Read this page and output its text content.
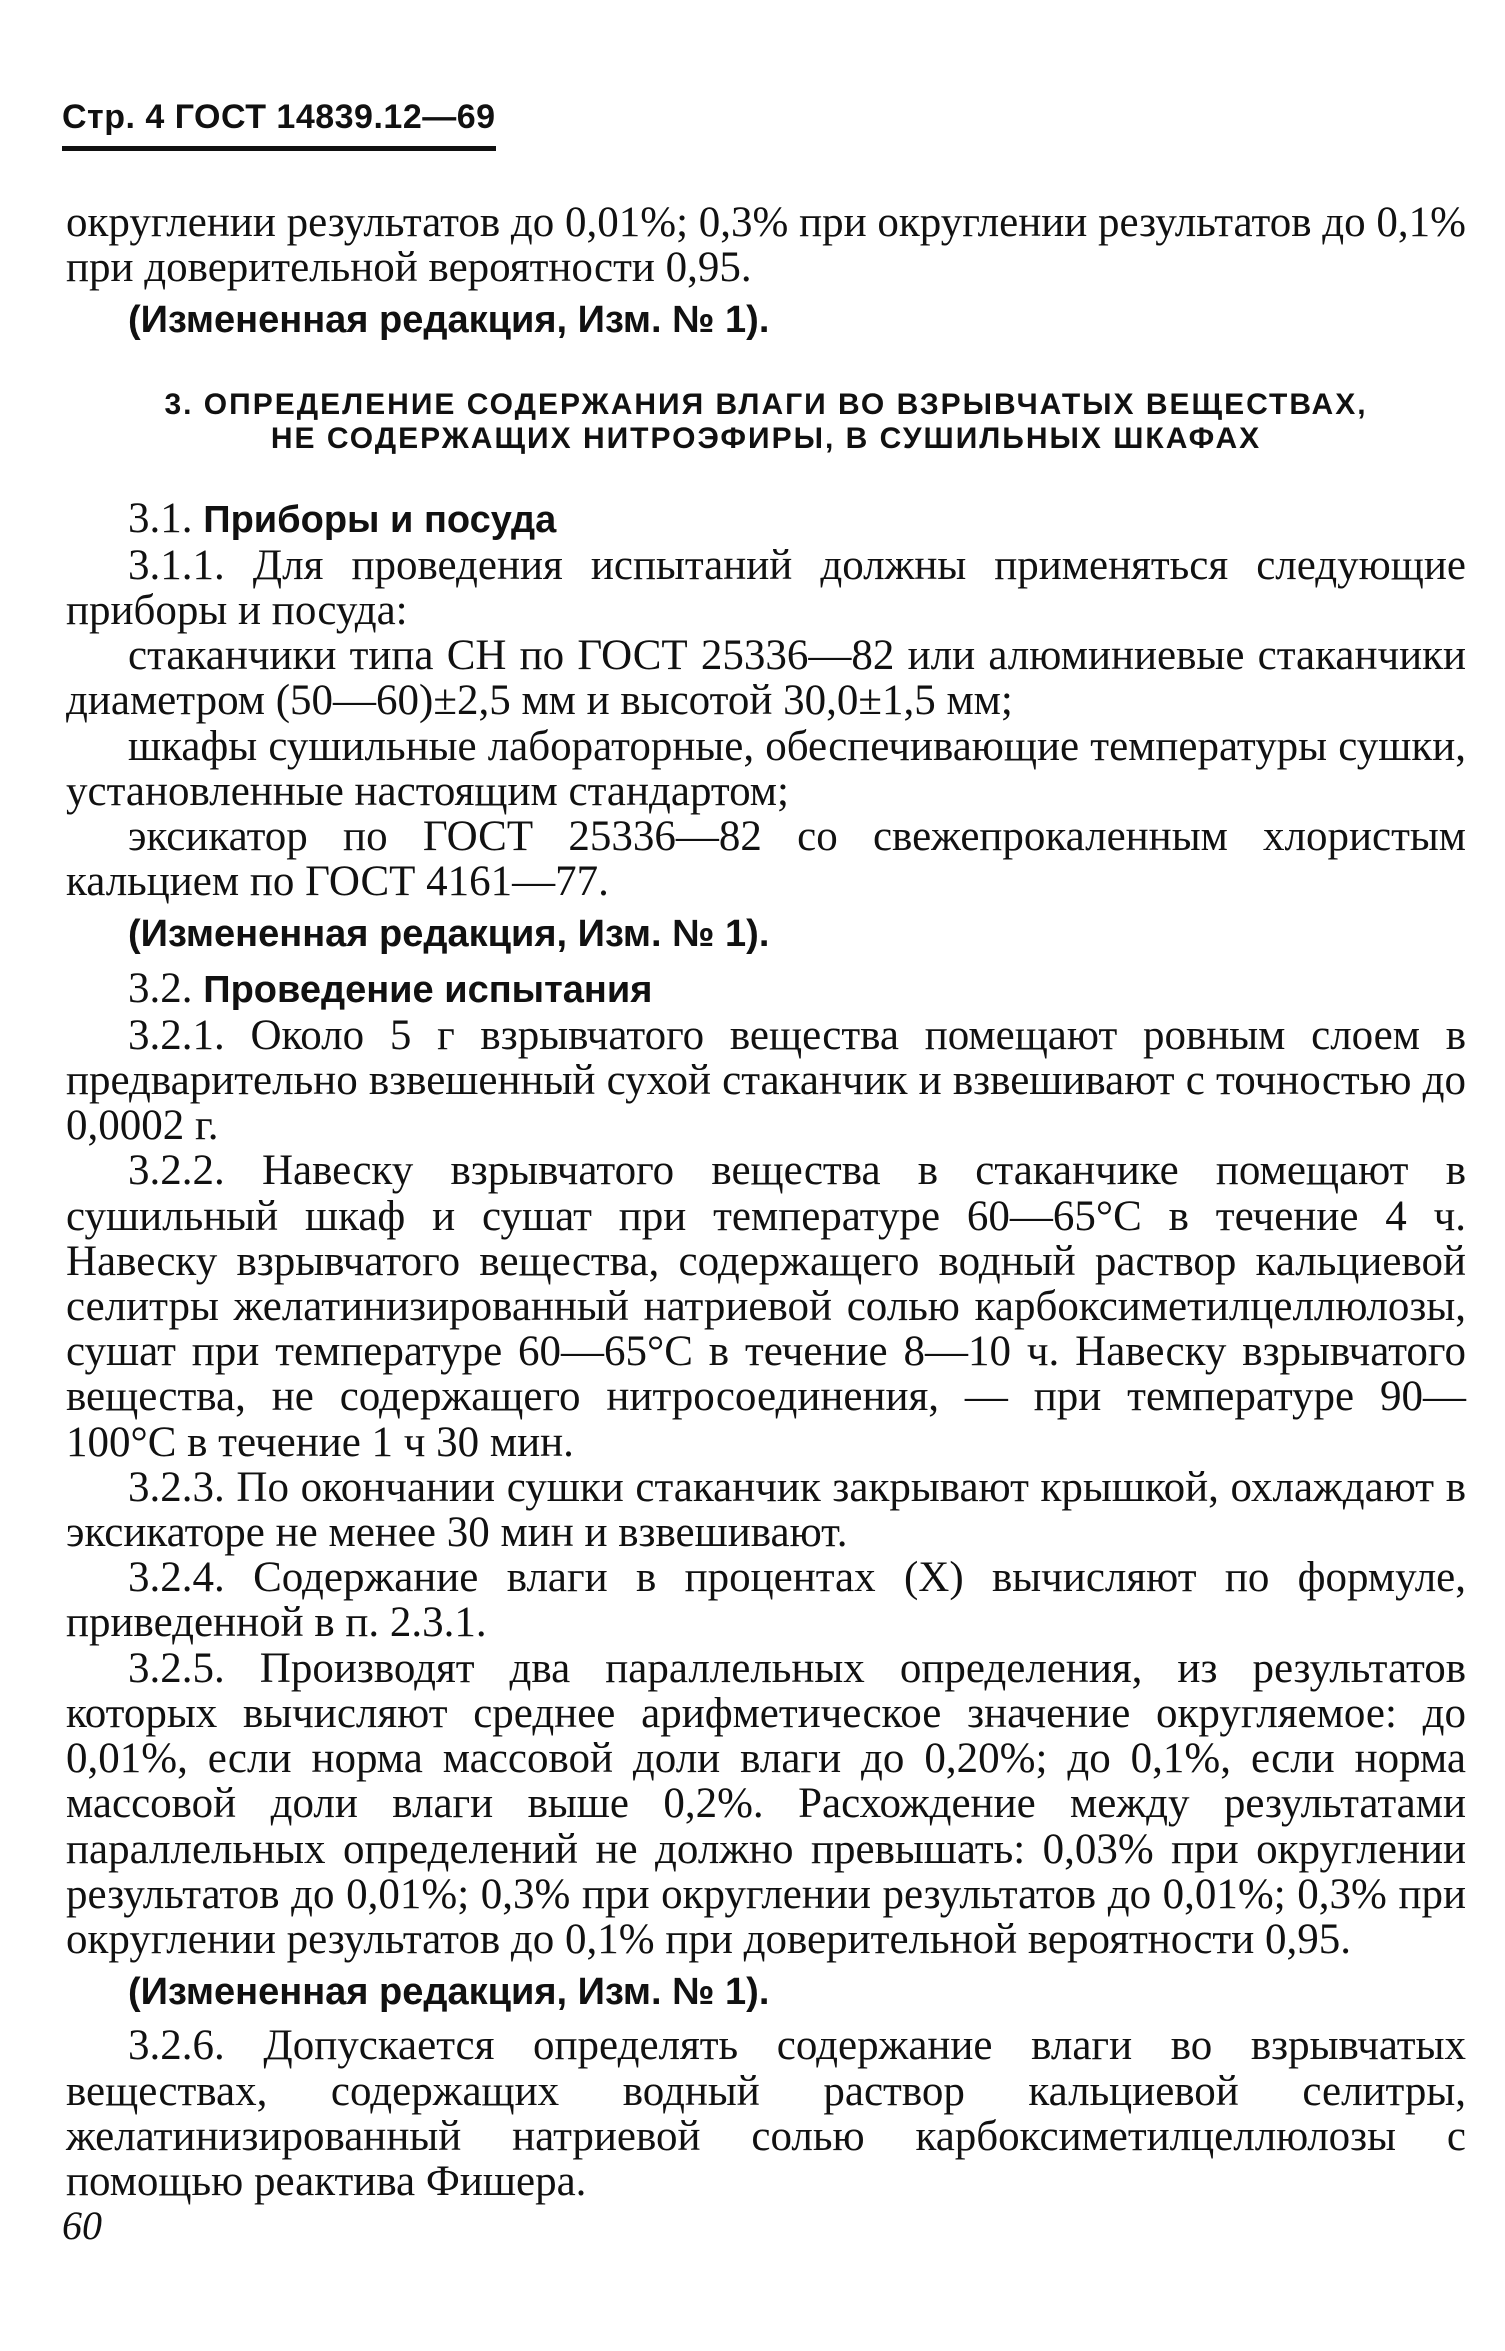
Стр. 4 ГОСТ 14839.12—69

округлении результатов до 0,01%; 0,3% при округлении результатов до 0,1% при доверительной вероятности 0,95.

(Измененная редакция, Изм. № 1).

3. ОПРЕДЕЛЕНИЕ СОДЕРЖАНИЯ ВЛАГИ ВО ВЗРЫВЧАТЫХ ВЕЩЕСТВАХ,
НЕ СОДЕРЖАЩИХ НИТРОЭФИРЫ, В СУШИЛЬНЫХ ШКАФАХ

3.1. Приборы и посуда

3.1.1. Для проведения испытаний должны применяться следующие приборы и посуда:

стаканчики типа СН по ГОСТ 25336—82 или алюминиевые стаканчики диаметром (50—60)±2,5 мм и высотой 30,0±1,5 мм;

шкафы сушильные лабораторные, обеспечивающие температуры сушки, установленные настоящим стандартом;

эксикатор по ГОСТ 25336—82 со свежепрокаленным хлористым кальцием по ГОСТ 4161—77.

(Измененная редакция, Изм. № 1).

3.2. Проведение испытания

3.2.1. Около 5 г взрывчатого вещества помещают ровным слоем в предварительно взвешенный сухой стаканчик и взвешивают с точностью до 0,0002 г.

3.2.2. Навеску взрывчатого вещества в стаканчике помещают в сушильный шкаф и сушат при температуре 60—65°С в течение 4 ч. Навеску взрывчатого вещества, содержащего водный раствор кальциевой селитры желатинизированный натриевой солью карбоксиметилцеллюлозы, сушат при температуре 60—65°С в течение 8—10 ч. Навеску взрывчатого вещества, не содержащего нитросоединения, — при температуре 90—100°С в течение 1 ч 30 мин.

3.2.3. По окончании сушки стаканчик закрывают крышкой, охлаждают в эксикаторе не менее 30 мин и взвешивают.

3.2.4. Содержание влаги в процентах (X) вычисляют по формуле, приведенной в п. 2.3.1.

3.2.5. Производят два параллельных определения, из результатов которых вычисляют среднее арифметическое значение округляемое: до 0,01%, если норма массовой доли влаги до 0,20%; до 0,1%, если норма массовой доли влаги выше 0,2%. Расхождение между результатами параллельных определений не должно превышать: 0,03% при округлении результатов до 0,01%; 0,3% при округлении результатов до 0,01%; 0,3% при округлении результатов до 0,1% при доверительной вероятности 0,95.

(Измененная редакция, Изм. № 1).

3.2.6. Допускается определять содержание влаги во взрывчатых веществах, содержащих водный раствор кальциевой селитры, желатинизированный натриевой солью карбоксиметилцеллюлозы с помощью реактива Фишера.

60
